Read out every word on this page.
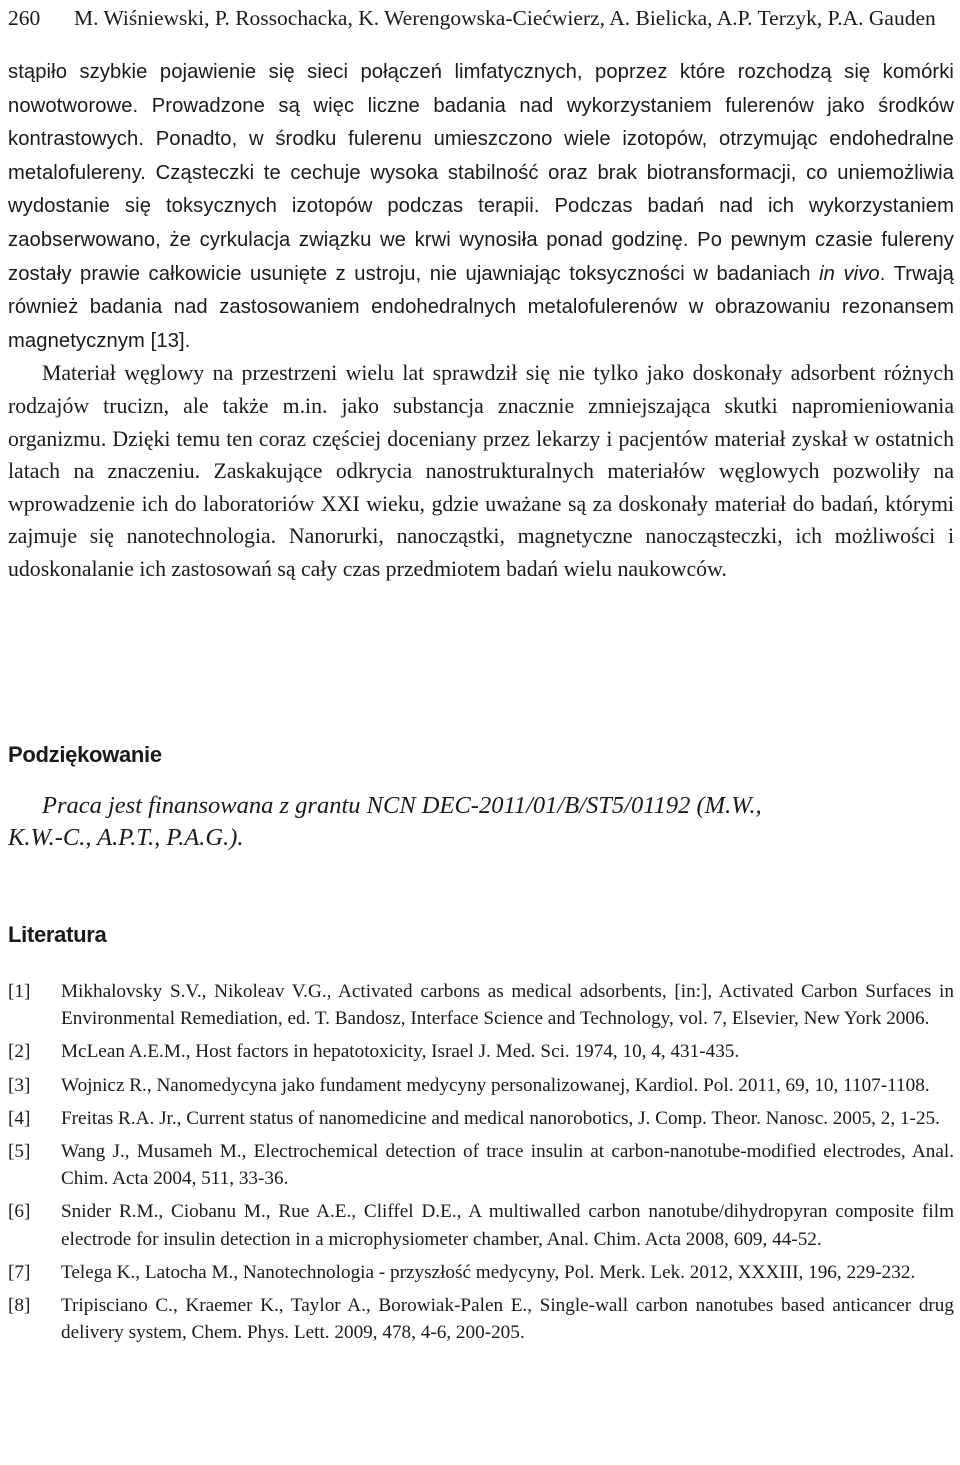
260 M. Wiśniewski, P. Rossochacka, K. Werengowska-Ciećwierz, A. Bielicka, A.P. Terzyk, P.A. Gauden

stąpiło szybkie pojawienie się sieci połączeń limfatycznych, poprzez które rozchodzą się komórki nowotworowe. Prowadzone są więc liczne badania nad wykorzystaniem fulerenów jako środków kontrastowych. Ponadto, w środku fulerenu umieszczono wiele izotopów, otrzymując endohedralne metalofulereny. Cząsteczki te cechuje wysoka stabilność oraz brak biotransformacji, co uniemożliwia wydostanie się toksycznych izotopów podczas terapii. Podczas badań nad ich wykorzystaniem zaobserwowano, że cyrkulacja związku we krwi wynosiła ponad godzinę. Po pewnym czasie fulereny zostały prawie całkowicie usunięte z ustroju, nie ujawniając toksyczności w badaniach in vivo. Trwają również badania nad zastosowaniem endohedralnych metalofulerenów w obrazowaniu rezonansem magnetycznym [13].

Materiał węglowy na przestrzeni wielu lat sprawdził się nie tylko jako doskonały adsorbent różnych rodzajów trucizn, ale także m.in. jako substancja znacznie zmniejszająca skutki napromieniowania organizmu. Dzięki temu ten coraz częściej doceniany przez lekarzy i pacjentów materiał zyskał w ostatnich latach na znaczeniu. Zaskakujące odkrycia nanostrukturalnych materiałów węglowych pozwoliły na wprowadzenie ich do laboratoriów XXI wieku, gdzie uważane są za doskonały materiał do badań, którymi zajmuje się nanotechnologia. Nanorurki, nanocząstki, magnetyczne nanocząsteczki, ich możliwości i udoskonalanie ich zastosowań są cały czas przedmiotem badań wielu naukowców.

Podziękowanie

Praca jest finansowana z grantu NCN DEC-2011/01/B/ST5/01192 (M.W.,

K.W.-C., A.P.T., P.A.G.).

Literatura
[1] Mikhalovsky S.V., Nikoleav V.G., Activated carbons as medical adsorbents, [in:], Activated Carbon Surfaces in Environmental Remediation, ed. T. Bandosz, Interface Science and Technology, vol. 7, Elsevier, New York 2006.
[2] McLean A.E.M., Host factors in hepatotoxicity, Israel J. Med. Sci. 1974, 10, 4, 431-435.
[3] Wojnicz R., Nanomedycyna jako fundament medycyny personalizowanej, Kardiol. Pol. 2011, 69, 10, 1107-1108.
[4] Freitas R.A. Jr., Current status of nanomedicine and medical nanorobotics, J. Comp. Theor. Nanosc. 2005, 2, 1-25.
[5] Wang J., Musameh M., Electrochemical detection of trace insulin at carbon-nanotube-modified electrodes, Anal. Chim. Acta 2004, 511, 33-36.
[6] Snider R.M., Ciobanu M., Rue A.E., Cliffel D.E., A multiwalled carbon nanotube/dihydropyran composite film electrode for insulin detection in a microphysiometer chamber, Anal. Chim. Acta 2008, 609, 44-52.
[7] Telega K., Latocha M., Nanotechnologia - przyszłość medycyny, Pol. Merk. Lek. 2012, XXXIII, 196, 229-232.
[8] Tripisciano C., Kraemer K., Taylor A., Borowiak-Palen E., Single-wall carbon nanotubes based anticancer drug delivery system, Chem. Phys. Lett. 2009, 478, 4-6, 200-205.
